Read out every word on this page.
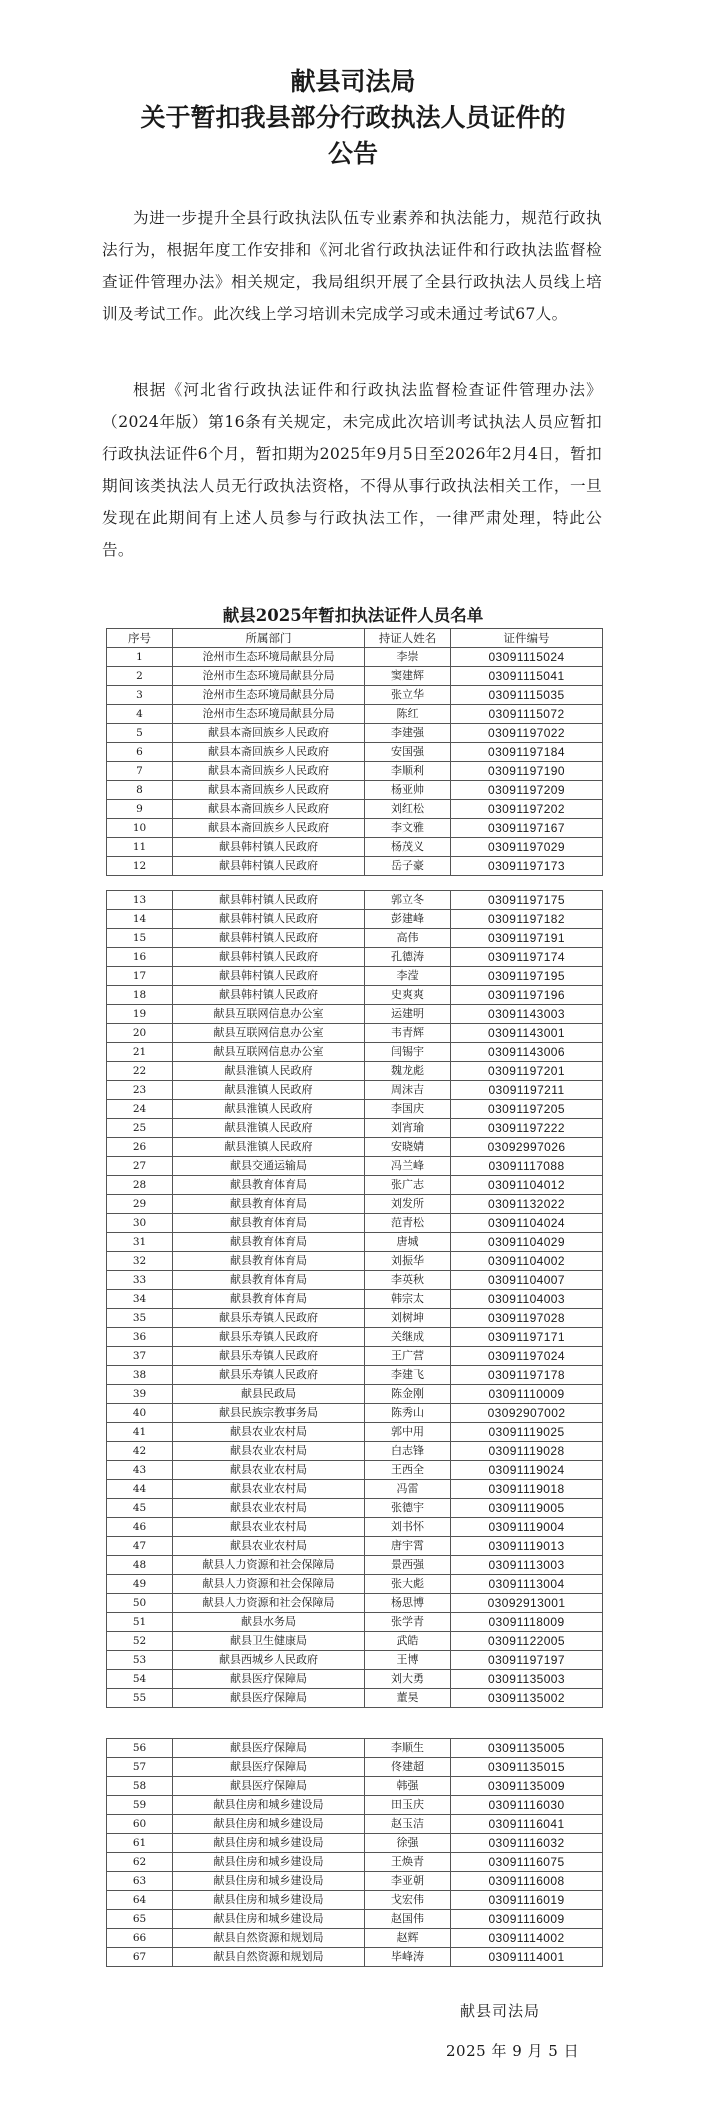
献县司法局
关于暂扣我县部分行政执法人员证件的
公告

为进一步提升全县行政执法队伍专业素养和执法能力，规范行政执法行为，根据年度工作安排和《河北省行政执法证件和行政执法监督检查证件管理办法》相关规定，我局组织开展了全县行政执法人员线上培训及考试工作。此次线上学习培训未完成学习或未通过考试67人。

根据《河北省行政执法证件和行政执法监督检查证件管理办法》（2024年版）第16条有关规定，未完成此次培训考试执法人员应暂扣行政执法证件6个月，暂扣期为2025年9月5日至2026年2月4日，暂扣期间该类执法人员无行政执法资格，不得从事行政执法相关工作，一旦发现在此期间有上述人员参与行政执法工作，一律严肃处理，特此公告。

献县2025年暂扣执法证件人员名单
序号	所属部门	持证人姓名	证件编号
1	沧州市生态环境局献县分局	李崇	03091115024
2	沧州市生态环境局献县分局	窦建辉	03091115041
3	沧州市生态环境局献县分局	张立华	03091115035
4	沧州市生态环境局献县分局	陈红	03091115072
5	献县本斋回族乡人民政府	李建强	03091197022
6	献县本斋回族乡人民政府	安国强	03091197184
7	献县本斋回族乡人民政府	李顺利	03091197190
8	献县本斋回族乡人民政府	杨亚帅	03091197209
9	献县本斋回族乡人民政府	刘红松	03091197202
10	献县本斋回族乡人民政府	李文雅	03091197167
11	献县韩村镇人民政府	杨茂义	03091197029
12	献县韩村镇人民政府	岳子豪	03091197173
13	献县韩村镇人民政府	郭立冬	03091197175
14	献县韩村镇人民政府	彭建峰	03091197182
15	献县韩村镇人民政府	高伟	03091197191
16	献县韩村镇人民政府	孔德涛	03091197174
17	献县韩村镇人民政府	李滢	03091197195
18	献县韩村镇人民政府	史爽爽	03091197196
19	献县互联网信息办公室	运建明	03091143003
20	献县互联网信息办公室	韦青辉	03091143001
21	献县互联网信息办公室	闫锡宇	03091143006
22	献县淮镇人民政府	魏龙彪	03091197201
23	献县淮镇人民政府	周沫吉	03091197211
24	献县淮镇人民政府	李国庆	03091197205
25	献县淮镇人民政府	刘宵瑜	03091197222
26	献县淮镇人民政府	安晓婧	03092997026
27	献县交通运输局	冯兰峰	03091117088
28	献县教育体育局	张广志	03091104012
29	献县教育体育局	刘发所	03091132022
30	献县教育体育局	范青松	03091104024
31	献县教育体育局	唐城	03091104029
32	献县教育体育局	刘振华	03091104002
33	献县教育体育局	李英秋	03091104007
34	献县教育体育局	韩宗太	03091104003
35	献县乐寿镇人民政府	刘树坤	03091197028
36	献县乐寿镇人民政府	关继成	03091197171
37	献县乐寿镇人民政府	王广营	03091197024
38	献县乐寿镇人民政府	李建飞	03091197178
39	献县民政局	陈金刚	03091110009
40	献县民族宗教事务局	陈秀山	03092907002
41	献县农业农村局	郭中用	03091119025
42	献县农业农村局	白志锋	03091119028
43	献县农业农村局	王西全	03091119024
44	献县农业农村局	冯雷	03091119018
45	献县农业农村局	张德宇	03091119005
46	献县农业农村局	刘书怀	03091119004
47	献县农业农村局	唐宇霄	03091119013
48	献县人力资源和社会保障局	景西强	03091113003
49	献县人力资源和社会保障局	张大彪	03091113004
50	献县人力资源和社会保障局	杨思博	03092913001
51	献县水务局	张学青	03091118009
52	献县卫生健康局	武皓	03091122005
53	献县西城乡人民政府	王博	03091197197
54	献县医疗保障局	刘大勇	03091135003
55	献县医疗保障局	董昊	03091135002
56	献县医疗保障局	李顺生	03091135005
57	献县医疗保障局	佟建超	03091135015
58	献县医疗保障局	韩强	03091135009
59	献县住房和城乡建设局	田玉庆	03091116030
60	献县住房和城乡建设局	赵玉洁	03091116041
61	献县住房和城乡建设局	徐强	03091116032
62	献县住房和城乡建设局	王焕青	03091116075
63	献县住房和城乡建设局	李亚朝	03091116008
64	献县住房和城乡建设局	戈宏伟	03091116019
65	献县住房和城乡建设局	赵国伟	03091116009
66	献县自然资源和规划局	赵辉	03091114002
67	献县自然资源和规划局	毕峰涛	03091114001

献县司法局

2025 年 9 月 5 日
